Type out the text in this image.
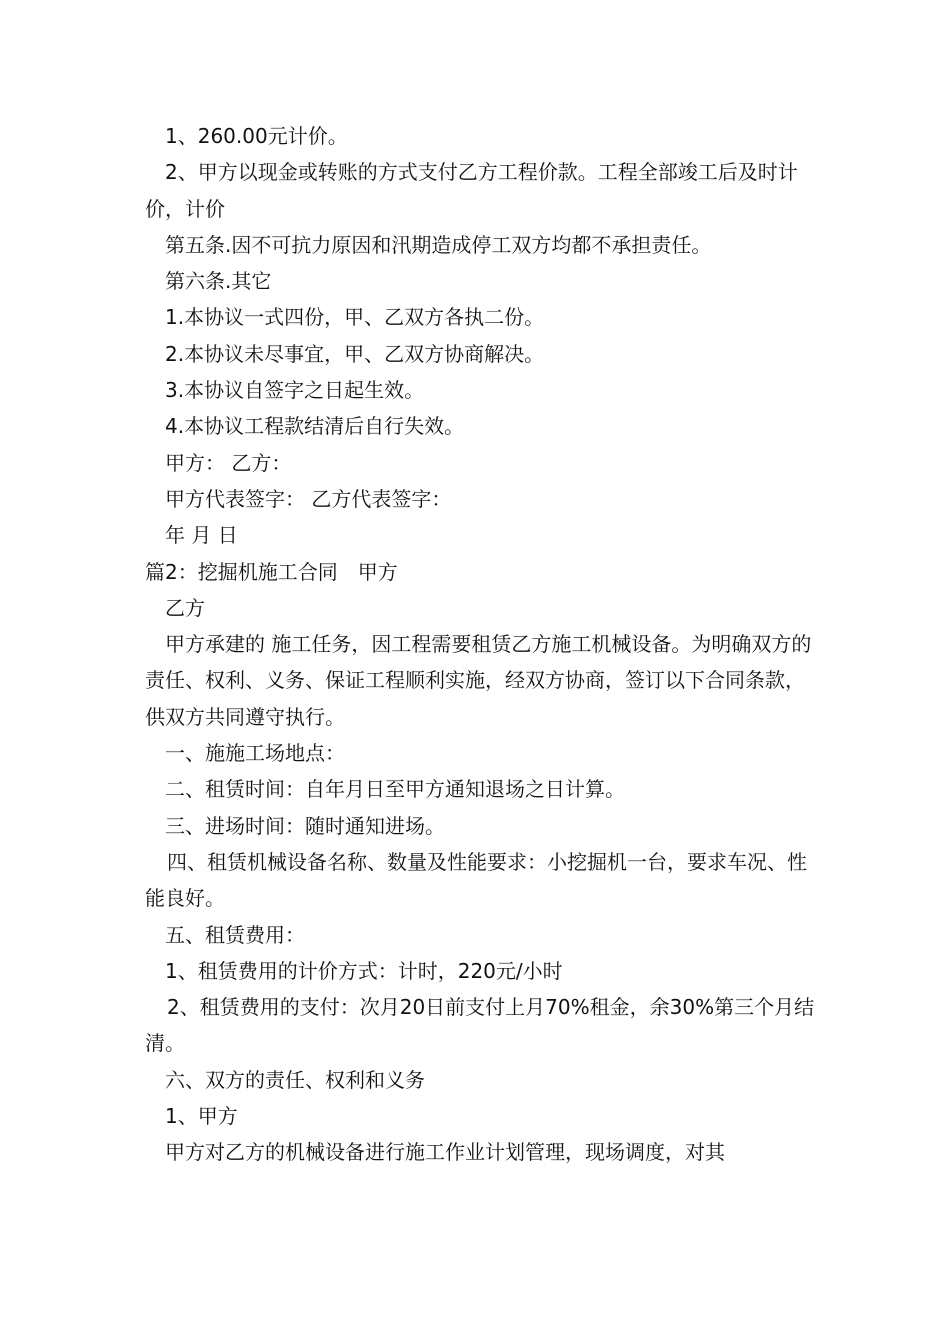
1、260.00元计价。

2、甲方以现金或转账的方式支付乙方工程价款。工程全部竣工后及时计价，计价

第五条.因不可抗力原因和汛期造成停工双方均都不承担责任。

第六条.其它

1.本协议一式四份，甲、乙双方各执二份。

2.本协议未尽事宜，甲、乙双方协商解决。

3.本协议自签字之日起生效。

4.本协议工程款结清后自行失效。

甲方： 乙方：

甲方代表签字： 乙方代表签字：

年 月 日

篇2：挖掘机施工合同　甲方

乙方

甲方承建的 施工任务，因工程需要租赁乙方施工机械设备。为明确双方的责任、权利、义务、保证工程顺利实施，经双方协商，签订以下合同条款，供双方共同遵守执行。

一、施施工场地点：

二、租赁时间：自年月日至甲方通知退场之日计算。

三、进场时间：随时通知进场。

四、租赁机械设备名称、数量及性能要求：小挖掘机一台，要求车况、性能良好。

五、租赁费用：

1、租赁费用的计价方式：计时，220元/小时

2、租赁费用的支付：次月20日前支付上月70%租金，余30%第三个月结清。

六、双方的责任、权利和义务

1、甲方

甲方对乙方的机械设备进行施工作业计划管理，现场调度，对其
